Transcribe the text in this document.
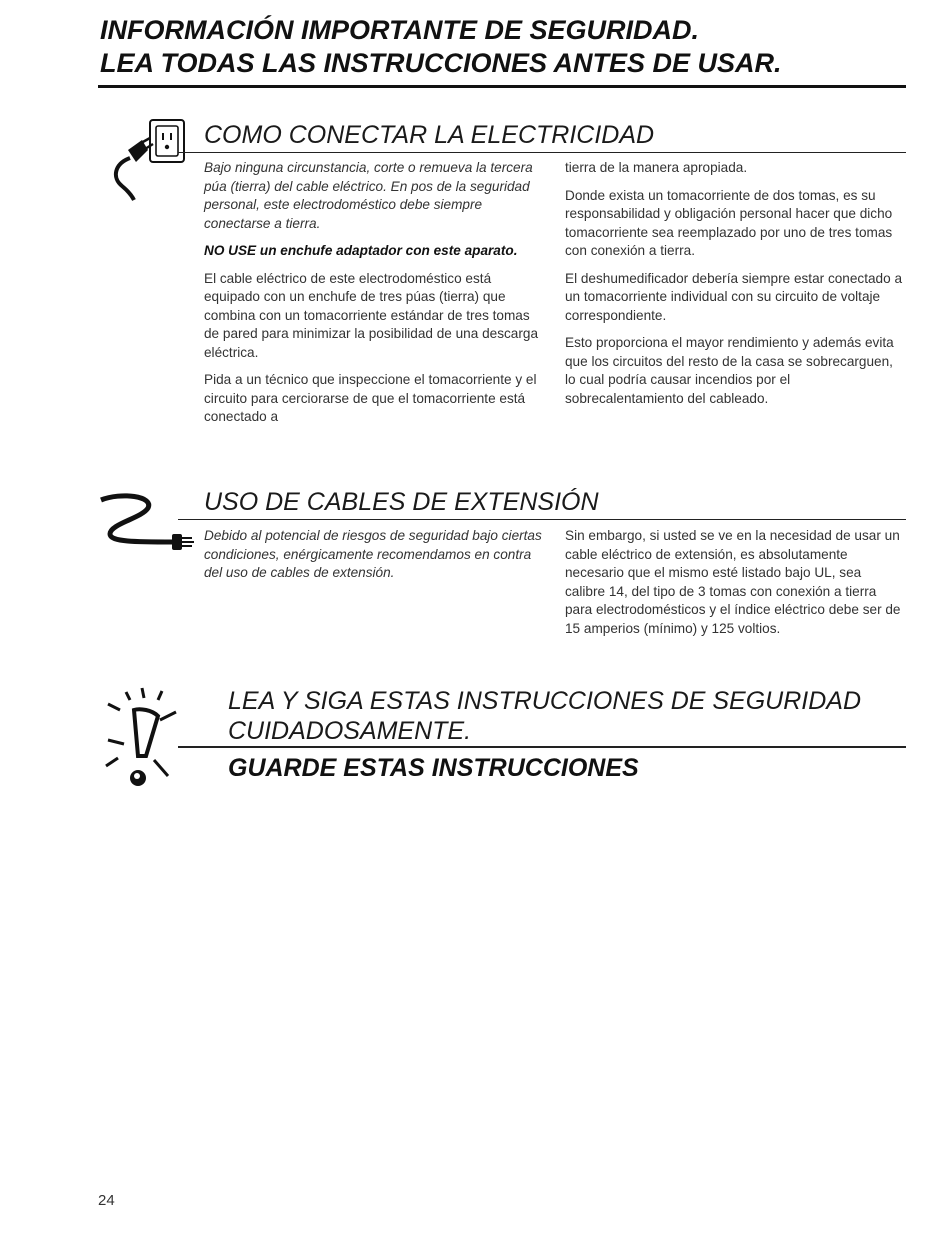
INFORMACIÓN IMPORTANTE DE SEGURIDAD.
LEA TODAS LAS INSTRUCCIONES ANTES DE USAR.
COMO CONECTAR LA ELECTRICIDAD

Bajo ninguna circunstancia, corte o remueva la tercera púa (tierra) del cable eléctrico. En pos de la seguridad personal, este electrodoméstico debe siempre conectarse a tierra.

NO USE un enchufe adaptador con este aparato.

El cable eléctrico de este electrodoméstico está equipado con un enchufe de tres púas (tierra) que combina con un tomacorriente estándar de tres tomas de pared para minimizar la posibilidad de una descarga eléctrica.

Pida a un técnico que inspeccione el tomacorriente y el circuito para cerciorarse de que el tomacorriente está conectado a

tierra de la manera apropiada.

Donde exista un tomacorriente de dos tomas, es su responsabilidad y obligación personal hacer que dicho tomacorriente sea reemplazado por uno de tres tomas con conexión a tierra.

El deshumedificador debería siempre estar conectado a un tomacorriente individual con su circuito de voltaje correspondiente.

Esto proporciona el mayor rendimiento y además evita que los circuitos del resto de la casa se sobrecarguen, lo cual podría causar incendios por el sobrecalentamiento del cableado.

USO DE CABLES DE EXTENSIÓN

Debido al potencial de riesgos de seguridad bajo ciertas condiciones, enérgicamente recomendamos en contra del uso de cables de extensión.

Sin embargo, si usted se ve en la necesidad de usar un cable eléctrico de extensión, es absolutamente necesario que el mismo esté listado bajo UL, sea calibre 14, del tipo de 3 tomas con conexión a tierra para electrodomésticos y el índice eléctrico debe ser de 15 amperios (mínimo) y 125 voltios.

LEA Y SIGA ESTAS INSTRUCCIONES DE SEGURIDAD
CUIDADOSAMENTE.
GUARDE ESTAS INSTRUCCIONES
24
